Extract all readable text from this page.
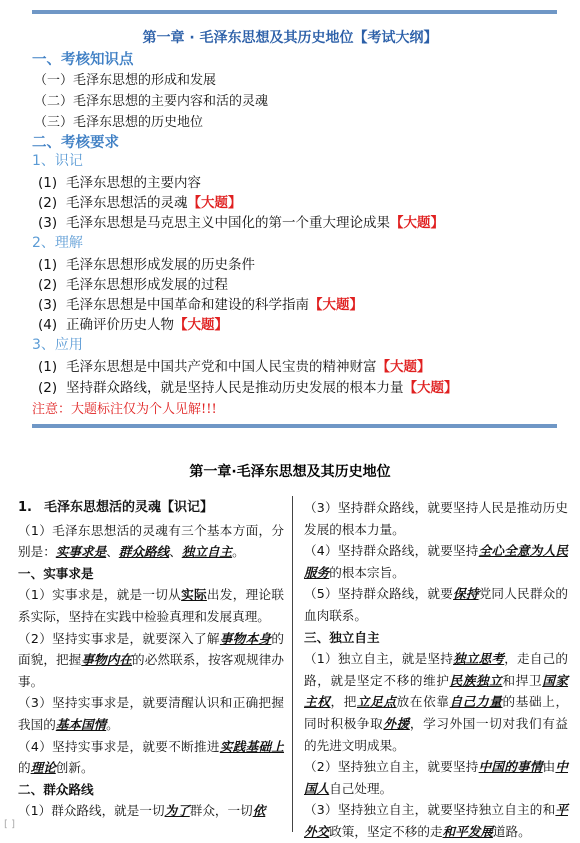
第一章 · 毛泽东思想及其历史地位【考试大纲】
一、考核知识点
（一）毛泽东思想的形成和发展
（二）毛泽东思想的主要内容和活的灵魂
（三）毛泽东思想的历史地位
二、考核要求
1、识记
(1) 毛泽东思想的主要内容
(2) 毛泽东思想活的灵魂【大题】
(3) 毛泽东思想是马克思主义中国化的第一个重大理论成果【大题】
2、理解
(1) 毛泽东思想形成发展的历史条件
(2) 毛泽东思想形成发展的过程
(3) 毛泽东思想是中国革命和建设的科学指南【大题】
(4) 正确评价历史人物【大题】
3、应用
(1) 毛泽东思想是中国共产党和中国人民宝贵的精神财富【大题】
(2) 坚持群众路线，就是坚持人民是推动历史发展的根本力量【大题】
注意：大题标注仅为个人见解!!!
第一章·毛泽东思想及其历史地位

1. 毛泽东思想活的灵魂【识记】

（1）毛泽东思想活的灵魂有三个基本方面，分别是：实事求是、群众路线、独立自主。

一、实事求是

（1）实事求是，就是一切从实际出发，理论联系实际，坚持在实践中检验真理和发展真理。

（2）坚持实事求是，就要深入了解事物本身的面貌，把握事物内在的必然联系，按客观规律办事。

（3）坚持实事求是，就要清醒认识和正确把握我国的基本国情。

（4）坚持实事求是，就要不断推进实践基础上的理论创新。

二、群众路线

（1）群众路线，就是一切为了群众，一切依

（3）坚持群众路线，就要坚持人民是推动历史发展的根本力量。

（4）坚持群众路线，就要坚持全心全意为人民服务的根本宗旨。

（5）坚持群众路线，就要保持党同人民群众的血肉联系。

三、独立自主

（1）独立自主，就是坚持独立思考，走自己的路，就是坚定不移的维护民族独立和捍卫国家主权，把立足点放在依靠自己力量的基础上，同时积极争取外援，学习外国一切对我们有益的先进文明成果。

（2）坚持独立自主，就要坚持中国的事情由中国人自己处理。

（3）坚持独立自主，就要坚持独立自主的和平外交政策，坚定不移的走和平发展道路。

[ ]
